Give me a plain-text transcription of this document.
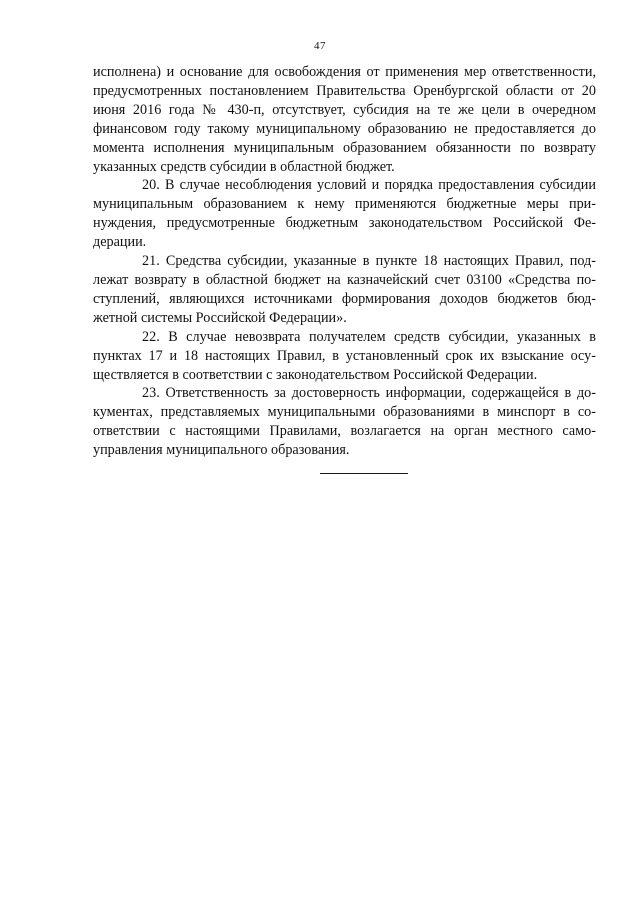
47

исполнена) и основание для освобождения от применения мер ответственности, предусмотренных постановлением Правительства Оренбургской области от 20 июня 2016 года № 430-п, отсутствует, субсидия на те же цели в очередном финансовом году такому муниципальному образованию не предоставляется до момента исполнения муниципальным образованием обязанности по возврату указанных средств субсидии в областной бюджет.

20. В случае несоблюдения условий и порядка предоставления субсидии муниципальным образованием к нему применяются бюджетные меры принуждения, предусмотренные бюджетным законодательством Российской Федерации.

21. Средства субсидии, указанные в пункте 18 настоящих Правил, подлежат возврату в областной бюджет на казначейский счет 03100 «Средства поступлений, являющихся источниками формирования доходов бюджетов бюджетной системы Российской Федерации».

22. В случае невозврата получателем средств субсидии, указанных в пунктах 17 и 18 настоящих Правил, в установленный срок их взыскание осуществляется в соответствии с законодательством Российской Федерации.

23. Ответственность за достоверность информации, содержащейся в документах, представляемых муниципальными образованиями в минспорт в соответствии с настоящими Правилами, возлагается на орган местного самоуправления муниципального образования.
